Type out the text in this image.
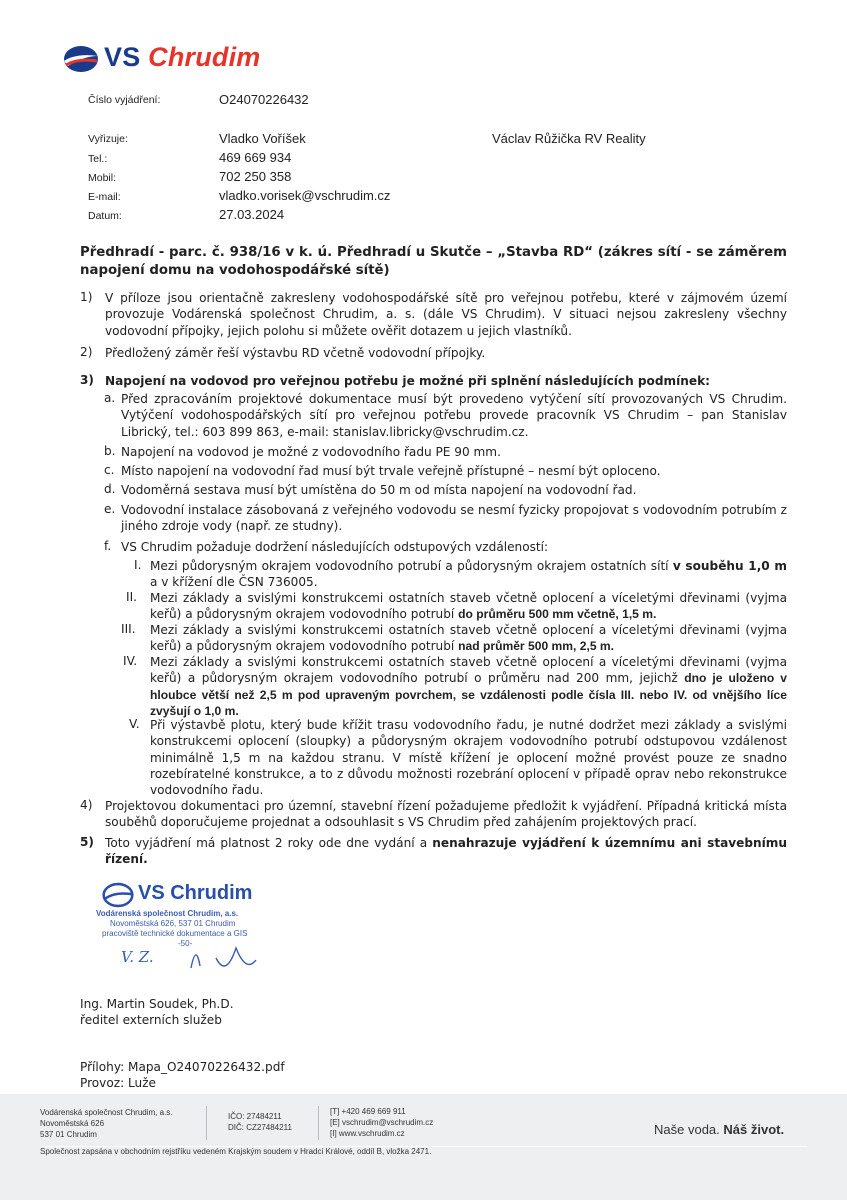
VS Chrudim
Číslo vyjádření:	O24070226432
Vyřizuje:	Vladko Voříšek	Václav Růžička RV Reality
Tel.:	469 669 934
Mobil:	702 250 358
E-mail:	vladko.vorisek@vschrudim.cz
Datum:	27.03.2024
Předhradí - parc. č. 938/16 v k. ú. Předhradí u Skutče – „Stavba RD“ (zákres sítí - se záměrem napojení domu na vodohospodářské sítě)
1) V příloze jsou orientačně zakresleny vodohospodářské sítě pro veřejnou potřebu, které v zájmovém území provozuje Vodárenská společnost Chrudim, a. s. (dále VS Chrudim). V situaci nejsou zakresleny všechny vodovodní přípojky, jejich polohu si můžete ověřit dotazem u jejich vlastníků.
2) Předložený záměr řeší výstavbu RD včetně vodovodní přípojky.
3) Napojení na vodovod pro veřejnou potřebu je možné při splnění následujících podmínek:
a. Před zpracováním projektové dokumentace musí být provedeno vytýčení sítí provozovaných VS Chrudim. Vytýčení vodohospodářských sítí pro veřejnou potřebu provede pracovník VS Chrudim – pan Stanislav Librický, tel.: 603 899 863, e-mail: stanislav.libricky@vschrudim.cz.
b. Napojení na vodovod je možné z vodovodního řadu PE 90 mm.
c. Místo napojení na vodovodní řad musí být trvale veřejně přístupné – nesmí být oploceno.
d. Vodoměrná sestava musí být umístěna do 50 m od místa napojení na vodovodní řad.
e. Vodovodní instalace zásobovaná z veřejného vodovodu se nesmí fyzicky propojovat s vodovodním potrubím z jiného zdroje vody (např. ze studny).
f. VS Chrudim požaduje dodržení následujících odstupových vzdáleností:
I. Mezi půdorysným okrajem vodovodního potrubí a půdorysným okrajem ostatních sítí v souběhu 1,0 m a v křížení dle ČSN 736005.
II. Mezi základy a svislými konstrukcemi ostatních staveb včetně oplocení a víceletými dřevinami (vyjma keřů) a půdorysným okrajem vodovodního potrubí do průměru 500 mm včetně, 1,5 m.
III. Mezi základy a svislými konstrukcemi ostatních staveb včetně oplocení a víceletými dřevinami (vyjma keřů) a půdorysným okrajem vodovodního potrubí nad průměr 500 mm, 2,5 m.
IV. Mezi základy a svislými konstrukcemi ostatních staveb včetně oplocení a víceletými dřevinami (vyjma keřů) a půdorysným okrajem vodovodního potrubí o průměru nad 200 mm, jejichž dno je uloženo v hloubce větší než 2,5 m pod upraveným povrchem, se vzdálenosti podle čísla III. nebo IV. od vnějšího líce zvyšují o 1,0 m.
V. Při výstavbě plotu, který bude křížit trasu vodovodního řadu, je nutné dodržet mezi základy a svislými konstrukcemi oplocení (sloupky) a půdorysným okrajem vodovodního potrubí odstupovou vzdálenost minimálně 1,5 m na každou stranu. V místě křížení je oplocení možné provést pouze ze snadno rozebíratelné konstrukce, a to z důvodu možnosti rozebrání oplocení v případě oprav nebo rekonstrukce vodovodního řadu.
4) Projektovou dokumentaci pro územní, stavební řízení požadujeme předložit k vyjádření. Případná kritická místa souběhů doporučujeme projednat a odsouhlasit s VS Chrudim před zahájením projektových prací.
5) Toto vyjádření má platnost 2 roky ode dne vydání a nenahrazuje vyjádření k územnímu ani stavebnímu řízení.
VS Chrudim
Vodárenská společnost Chrudim, a.s.
Novoměstská 626, 537 01 Chrudim
pracoviště technické dokumentace a GIS
-50-
V. Z.
Ing. Martin Soudek, Ph.D.
ředitel externích služeb
Přílohy: Mapa_O24070226432.pdf
Provoz: Luže
Vodárenská společnost Chrudim, a.s.
Novoměstská 626
537 01 Chrudim
IČO: 27484211
DIČ: CZ27484211
[T] +420 469 669 911
[E] vschrudim@vschrudim.cz
[I] www.vschrudim.cz	Naše voda. Náš život.
Společnost zapsána v obchodním rejstříku vedeném Krajským soudem v Hradci Králové, oddíl B, vložka 2471.
